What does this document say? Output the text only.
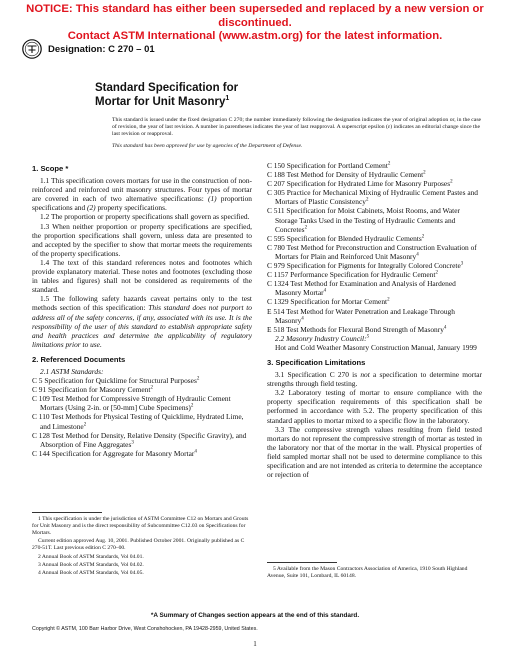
NOTICE: This standard has either been superseded and replaced by a new version or discontinued.
Contact ASTM International (www.astm.org) for the latest information.
Designation: C 270 – 01
Standard Specification for
Mortar for Unit Masonry$^1$

This standard is issued under the fixed designation C 270; the number immediately following the designation indicates the year of original adoption or, in the case of revision, the year of last revision. A number in parentheses indicates the year of last reapproval. A superscript epsilon (ε) indicates an editorial change since the last revision or reapproval.

This standard has been approved for use by agencies of the Department of Defense.

1. Scope *

1.1 This specification covers mortars for use in the construction of non-reinforced and reinforced unit masonry structures. Four types of mortar are covered in each of two alternative specifications: (1) proportion specifications and (2) property specifications.

1.2 The proportion or property specifications shall govern as specified.

1.3 When neither proportion or property specifications are specified, the proportion specifications shall govern, unless data are presented to and accepted by the specifier to show that mortar meets the requirements of the property specifications.

1.4 The text of this standard references notes and footnotes which provide explanatory material. These notes and footnotes (excluding those in tables and figures) shall not be considered as requirements of the standard.

1.5 The following safety hazards caveat pertains only to the test methods section of this specification: This standard does not purport to address all of the safety concerns, if any, associated with its use. It is the responsibility of the user of this standard to establish appropriate safety and health practices and determine the applicability of regulatory limitations prior to use.

2. Referenced Documents

2.1 ASTM Standards:

C 5 Specification for Quicklime for Structural Purposes$^2$

C 91 Specification for Masonry Cement$^2$

C 109 Test Method for Compressive Strength of Hydraulic Cement Mortars (Using 2-in. or [50-mm] Cube Specimens)$^2$

C 110 Test Methods for Physical Testing of Quicklime, Hydrated Lime, and Limestone$^2$

C 128 Test Method for Density, Relative Density (Specific Gravity), and Absorption of Fine Aggregates$^3$

C 144 Specification for Aggregate for Masonry Mortar$^4$

C 150 Specification for Portland Cement$^2$

C 188 Test Method for Density of Hydraulic Cement$^2$

C 207 Specification for Hydrated Lime for Masonry Purposes$^2$

C 305 Practice for Mechanical Mixing of Hydraulic Cement Pastes and Mortars of Plastic Consistency$^2$

C 511 Specification for Moist Cabinets, Moist Rooms, and Water Storage Tanks Used in the Testing of Hydraulic Cements and Concretes$^2$

C 595 Specification for Blended Hydraulic Cements$^2$

C 780 Test Method for Preconstruction and Construction Evaluation of Mortars for Plain and Reinforced Unit Masonry$^4$

C 979 Specification for Pigments for Integrally Colored Concrete$^3$

C 1157 Performance Specification for Hydraulic Cement$^2$

C 1324 Test Method for Examination and Analysis of Hardened Masonry Mortar$^4$

C 1329 Specification for Mortar Cement$^2$

E 514 Test Method for Water Penetration and Leakage Through Masonry$^4$

E 518 Test Methods for Flexural Bond Strength of Masonry$^4$

2.2 Masonry Industry Council:$^5$

Hot and Cold Weather Masonry Construction Manual, January 1999

3. Specification Limitations

3.1 Specification C 270 is not a specification to determine mortar strengths through field testing.

3.2 Laboratory testing of mortar to ensure compliance with the property specification requirements of this specification shall be performed in accordance with 5.2. The property specification of this standard applies to mortar mixed to a specific flow in the laboratory.

3.3 The compressive strength values resulting from field tested mortars do not represent the compressive strength of mortar as tested in the laboratory nor that of the mortar in the wall. Physical properties of field sampled mortar shall not be used to determine compliance to this specification and are not intended as criteria to determine the acceptance or rejection of

1 This specification is under the jurisdiction of ASTM Committee C12 on Mortars and Grouts for Unit Masonry and is the direct responsibility of Subcommittee C12.03 on Specifications for Mortars.

Current edition approved Aug. 10, 2001. Published October 2001. Originally published as C 270-51T. Last previous edition C 270–00.

2 Annual Book of ASTM Standards, Vol 04.01.

3 Annual Book of ASTM Standards, Vol 04.02.

4 Annual Book of ASTM Standards, Vol 04.05.

5 Available from the Mason Contractors Association of America, 1910 South Highland Avenue, Suite 101, Lombard, IL 60148.
*A Summary of Changes section appears at the end of this standard.
Copyright © ASTM, 100 Barr Harbor Drive, West Conshohocken, PA 19428-2959, United States.
1
